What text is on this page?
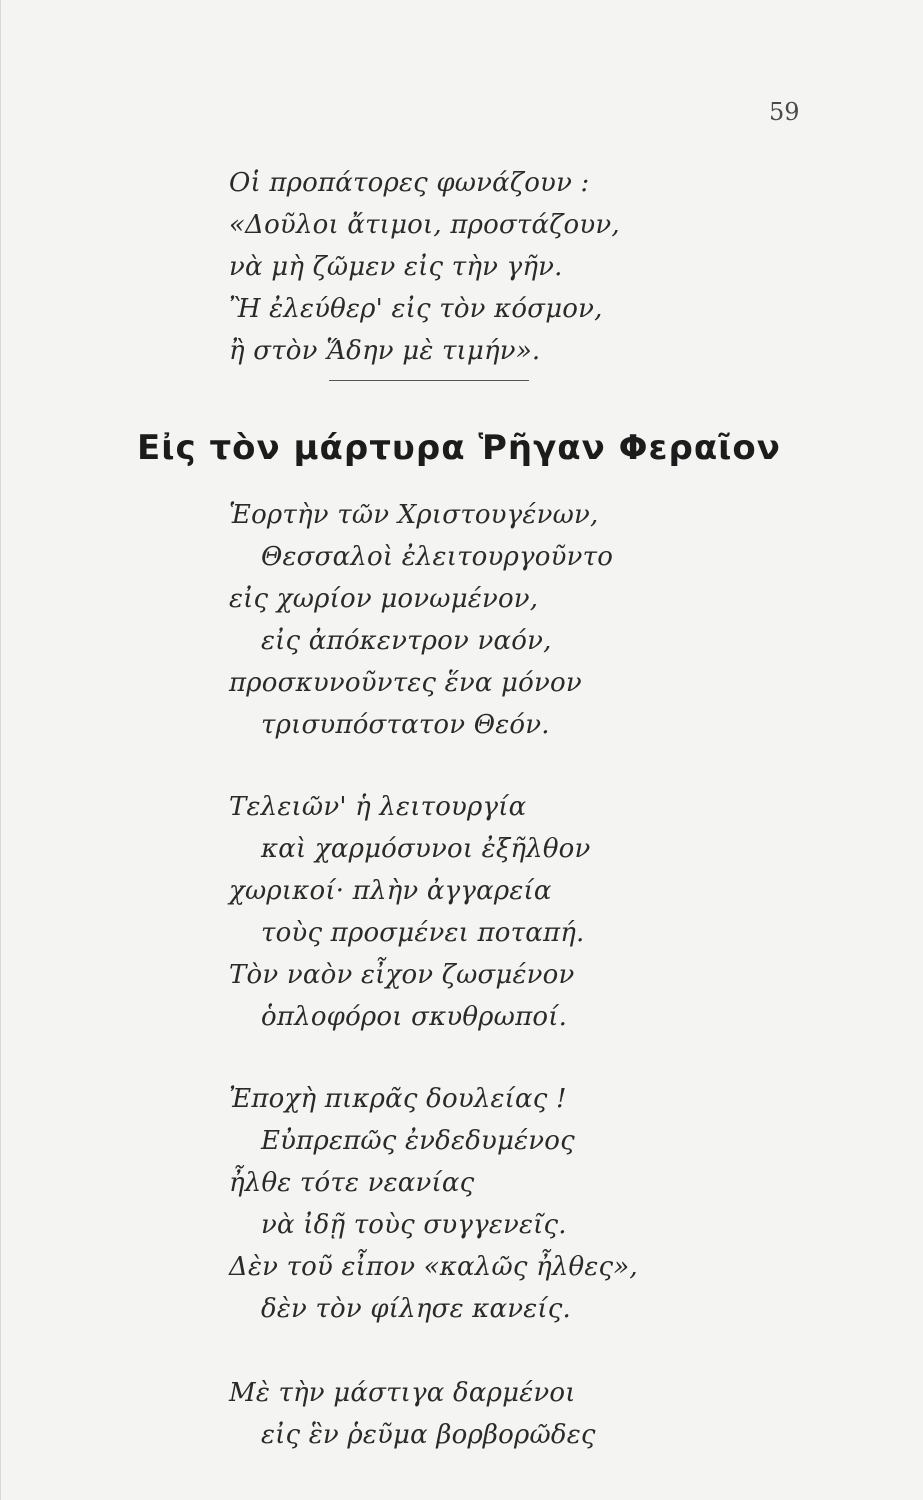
59
Οἱ προπάτορες φωνάζουν :
«Δοῦλοι ἄτιμοι, προστάζουν,
νὰ μὴ ζῶμεν εἰς τὴν γῆν.
Ἢ ἐλεύθερ' εἰς τὸν κόσμον,
ἢ στὸν Ἅδην μὲ τιμήν».
Εἰς τὸν μάρτυρα Ῥῆγαν Φεραῖον
Ἑορτὴν τῶν Χριστουγένων,
Θεσσαλοὶ ἐλειτουργοῦντο
εἰς χωρίον μονωμένον,
εἰς ἀπόκεντρον ναόν,
προσκυνοῦντες ἕνα μόνον
τρισυπόστατον Θεόν.
Τελειῶν' ἡ λειτουργία
καὶ χαρμόσυνοι ἐξῆλθον
χωρικοί· πλὴν ἀγγαρεία
τοὺς προσμένει ποταπή.
Τὸν ναὸν εἶχον ζωσμένον
ὁπλοφόροι σκυθρωποί.
Ἐποχὴ πικρᾶς δουλείας !
Εὐπρεπῶς ἐνδεδυμένος
ἦλθε τότε νεανίας
νὰ ἰδῇ τοὺς συγγενεῖς.
Δὲν τοῦ εἶπον «καλῶς ἦλθες»,
δὲν τὸν φίλησε κανείς.
Μὲ τὴν μάστιγα δαρμένοι
εἰς ἓν ῥεῦμα βορβορῶδες
